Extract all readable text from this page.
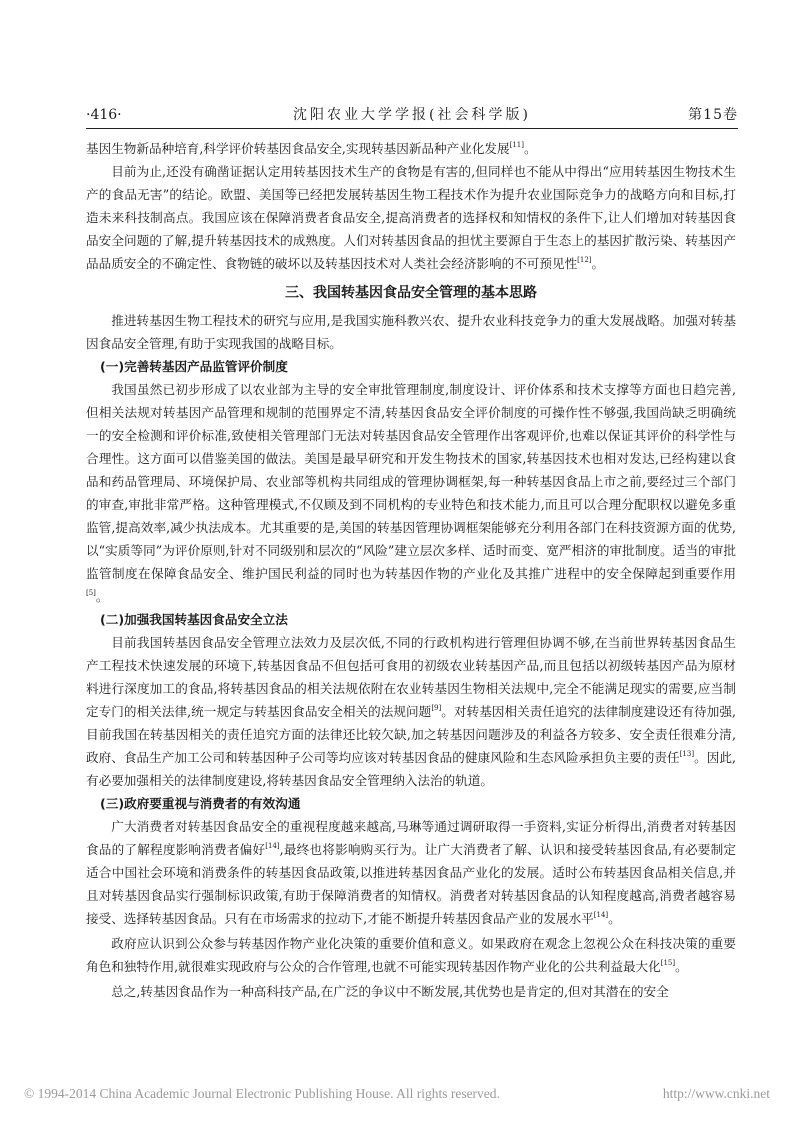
·416·	沈阳农业大学学报(社会科学版)	第15卷

基因生物新品种培育,科学评价转基因食品安全,实现转基因新品种产业化发展[11]。

目前为止,还没有确凿证据认定用转基因技术生产的食物是有害的,但同样也不能从中得出“应用转基因生物技术生产的食品无害”的结论。欧盟、美国等已经把发展转基因生物工程技术作为提升农业国际竞争力的战略方向和目标,打造未来科技制高点。我国应该在保障消费者食品安全,提高消费者的选择权和知情权的条件下,让人们增加对转基因食品安全问题的了解,提升转基因技术的成熟度。人们对转基因食品的担忧主要源自于生态上的基因扩散污染、转基因产品品质安全的不确定性、食物链的破坏以及转基因技术对人类社会经济影响的不可预见性[12]。

三、我国转基因食品安全管理的基本思路

推进转基因生物工程技术的研究与应用,是我国实施科教兴农、提升农业科技竞争力的重大发展战略。加强对转基因食品安全管理,有助于实现我国的战略目标。

(一)完善转基因产品监管评价制度

我国虽然已初步形成了以农业部为主导的安全审批管理制度,制度设计、评价体系和技术支撑等方面也日趋完善,但相关法规对转基因产品管理和规制的范围界定不清,转基因食品安全评价制度的可操作性不够强,我国尚缺乏明确统一的安全检测和评价标准,致使相关管理部门无法对转基因食品安全管理作出客观评价,也难以保证其评价的科学性与合理性。这方面可以借鉴美国的做法。美国是最早研究和开发生物技术的国家,转基因技术也相对发达,已经构建以食品和药品管理局、环境保护局、农业部等机构共同组成的管理协调框架,每一种转基因食品上市之前,要经过三个部门的审查,审批非常严格。这种管理模式,不仅顾及到不同机构的专业特色和技术能力,而且可以合理分配职权以避免多重监管,提高效率,减少执法成本。尤其重要的是,美国的转基因管理协调框架能够充分利用各部门在科技资源方面的优势,以“实质等同”为评价原则,针对不同级别和层次的“风险”建立层次多样、适时而变、宽严相济的审批制度。适当的审批监管制度在保障食品安全、维护国民利益的同时也为转基因作物的产业化及其推广进程中的安全保障起到重要作用[5]。

(二)加强我国转基因食品安全立法

目前我国转基因食品安全管理立法效力及层次低,不同的行政机构进行管理但协调不够,在当前世界转基因食品生产工程技术快速发展的环境下,转基因食品不但包括可食用的初级农业转基因产品,而且包括以初级转基因产品为原材料进行深度加工的食品,将转基因食品的相关法规依附在农业转基因生物相关法规中,完全不能满足现实的需要,应当制定专门的相关法律,统一规定与转基因食品安全相关的法规问题[9]。对转基因相关责任追究的法律制度建设还有待加强,目前我国在转基因相关的责任追究方面的法律还比较欠缺,加之转基因问题涉及的利益各方较多、安全责任很难分清,政府、食品生产加工公司和转基因种子公司等均应该对转基因食品的健康风险和生态风险承担负主要的责任[13]。因此,有必要加强相关的法律制度建设,将转基因食品安全管理纳入法治的轨道。

(三)政府要重视与消费者的有效沟通

广大消费者对转基因食品安全的重视程度越来越高,马琳等通过调研取得一手资料,实证分析得出,消费者对转基因食品的了解程度影响消费者偏好[14],最终也将影响购买行为。让广大消费者了解、认识和接受转基因食品,有必要制定适合中国社会环境和消费条件的转基因食品政策,以推进转基因食品产业化的发展。适时公布转基因食品相关信息,并且对转基因食品实行强制标识政策,有助于保障消费者的知情权。消费者对转基因食品的认知程度越高,消费者越容易接受、选择转基因食品。只有在市场需求的拉动下,才能不断提升转基因食品产业的发展水平[14]。

政府应认识到公众参与转基因作物产业化决策的重要价值和意义。如果政府在观念上忽视公众在科技决策的重要角色和独特作用,就很难实现政府与公众的合作管理,也就不可能实现转基因作物产业化的公共利益最大化[15]。

总之,转基因食品作为一种高科技产品,在广泛的争议中不断发展,其优势也是肯定的,但对其潜在的安全

© 1994-2014 China Academic Journal Electronic Publishing House. All rights reserved.	http://www.cnki.net
